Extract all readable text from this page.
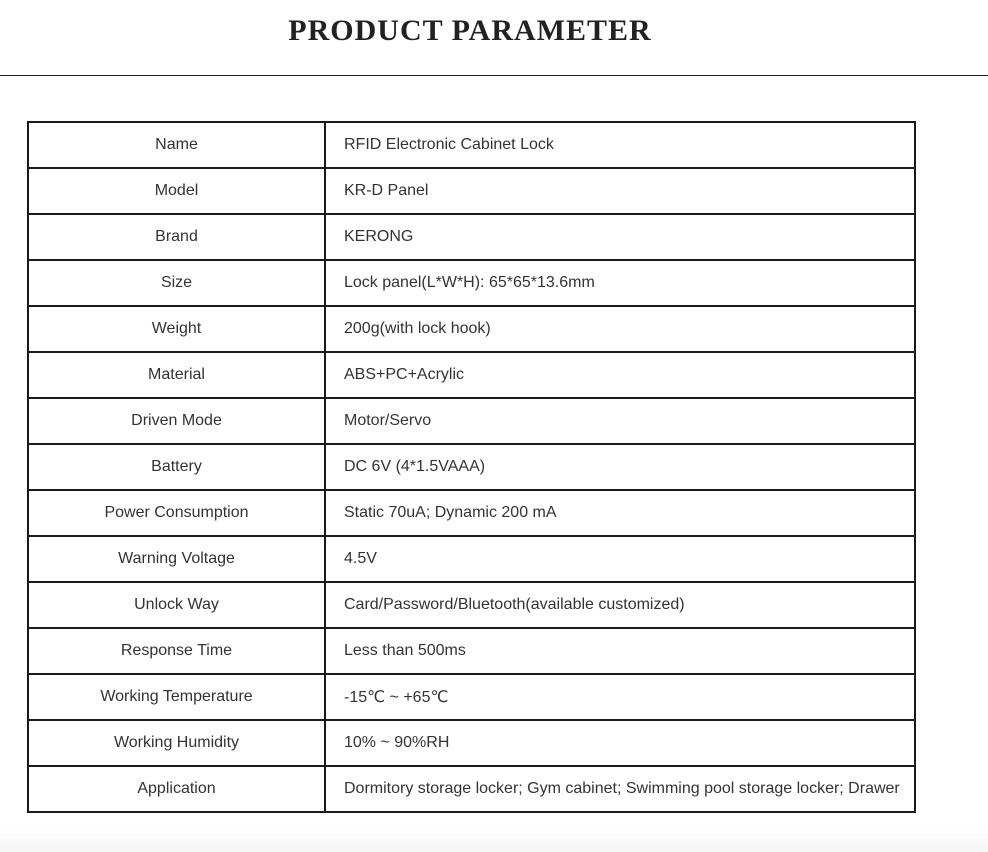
PRODUCT PARAMETER
Name	RFID Electronic Cabinet Lock
Model	KR-D Panel
Brand	KERONG
Size	Lock panel(L*W*H): 65*65*13.6mm
Weight	200g(with lock hook)
Material	ABS+PC+Acrylic
Driven Mode	Motor/Servo
Battery	DC 6V (4*1.5VAAA)
Power Consumption	Static 70uA; Dynamic 200 mA
Warning Voltage	4.5V
Unlock Way	Card/Password/Bluetooth(available customized)
Response Time	Less than 500ms
Working Temperature	-15℃ ~ +65℃
Working Humidity	10% ~ 90%RH
Application	Dormitory storage locker; Gym cabinet; Swimming pool storage locker; Drawer
